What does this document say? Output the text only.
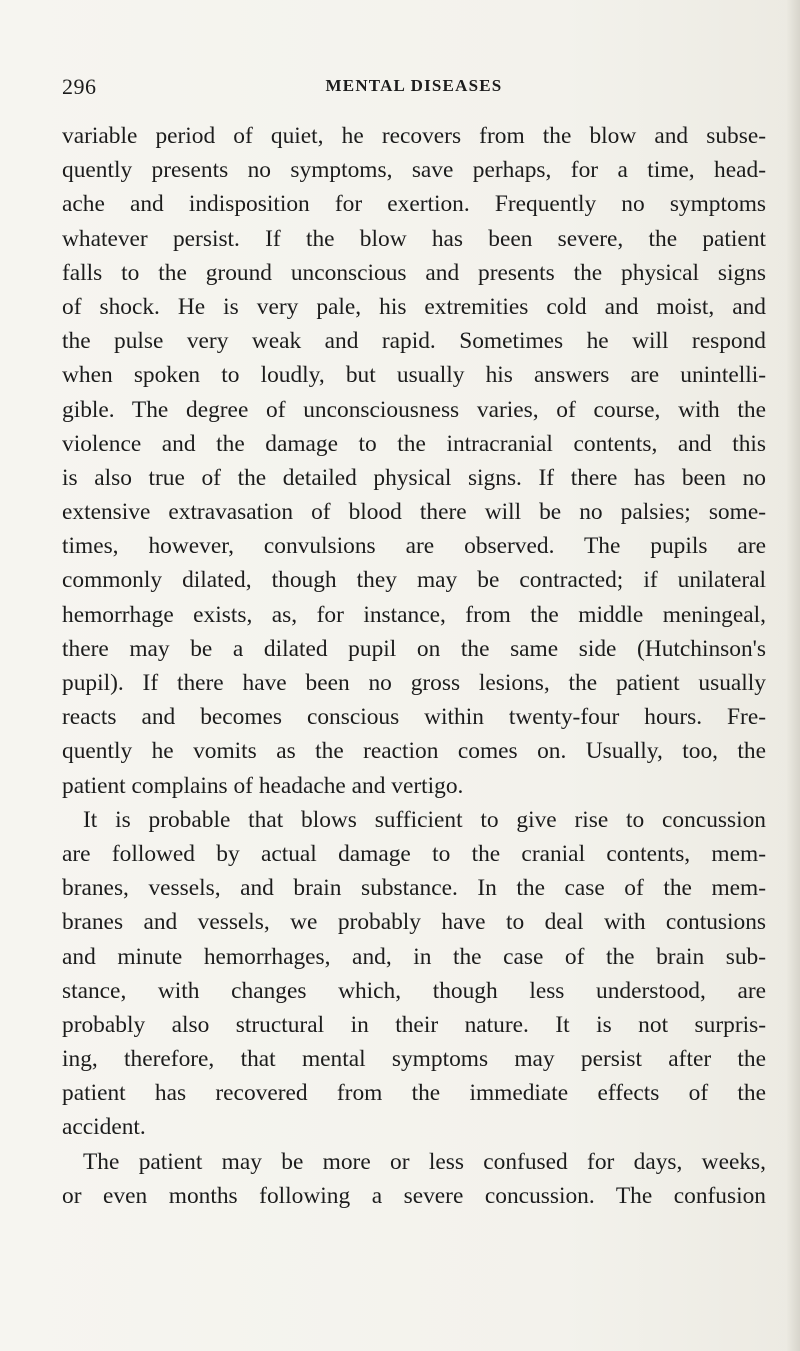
296	MENTAL DISEASES
variable period of quiet, he recovers from the blow and subse-
quently presents no symptoms, save perhaps, for a time, head-
ache and indisposition for exertion. Frequently no symptoms
whatever persist. If the blow has been severe, the patient
falls to the ground unconscious and presents the physical signs
of shock. He is very pale, his extremities cold and moist, and
the pulse very weak and rapid. Sometimes he will respond
when spoken to loudly, but usually his answers are unintelli-
gible. The degree of unconsciousness varies, of course, with the
violence and the damage to the intracranial contents, and this
is also true of the detailed physical signs. If there has been no
extensive extravasation of blood there will be no palsies; some-
times, however, convulsions are observed. The pupils are
commonly dilated, though they may be contracted; if unilateral
hemorrhage exists, as, for instance, from the middle meningeal,
there may be a dilated pupil on the same side (Hutchinson's
pupil). If there have been no gross lesions, the patient usually
reacts and becomes conscious within twenty-four hours. Fre-
quently he vomits as the reaction comes on. Usually, too, the
patient complains of headache and vertigo.
It is probable that blows sufficient to give rise to concussion
are followed by actual damage to the cranial contents, mem-
branes, vessels, and brain substance. In the case of the mem-
branes and vessels, we probably have to deal with contusions
and minute hemorrhages, and, in the case of the brain sub-
stance, with changes which, though less understood, are
probably also structural in their nature. It is not surpris-
ing, therefore, that mental symptoms may persist after the
patient has recovered from the immediate effects of the
accident.
The patient may be more or less confused for days, weeks,
or even months following a severe concussion. The confusion
